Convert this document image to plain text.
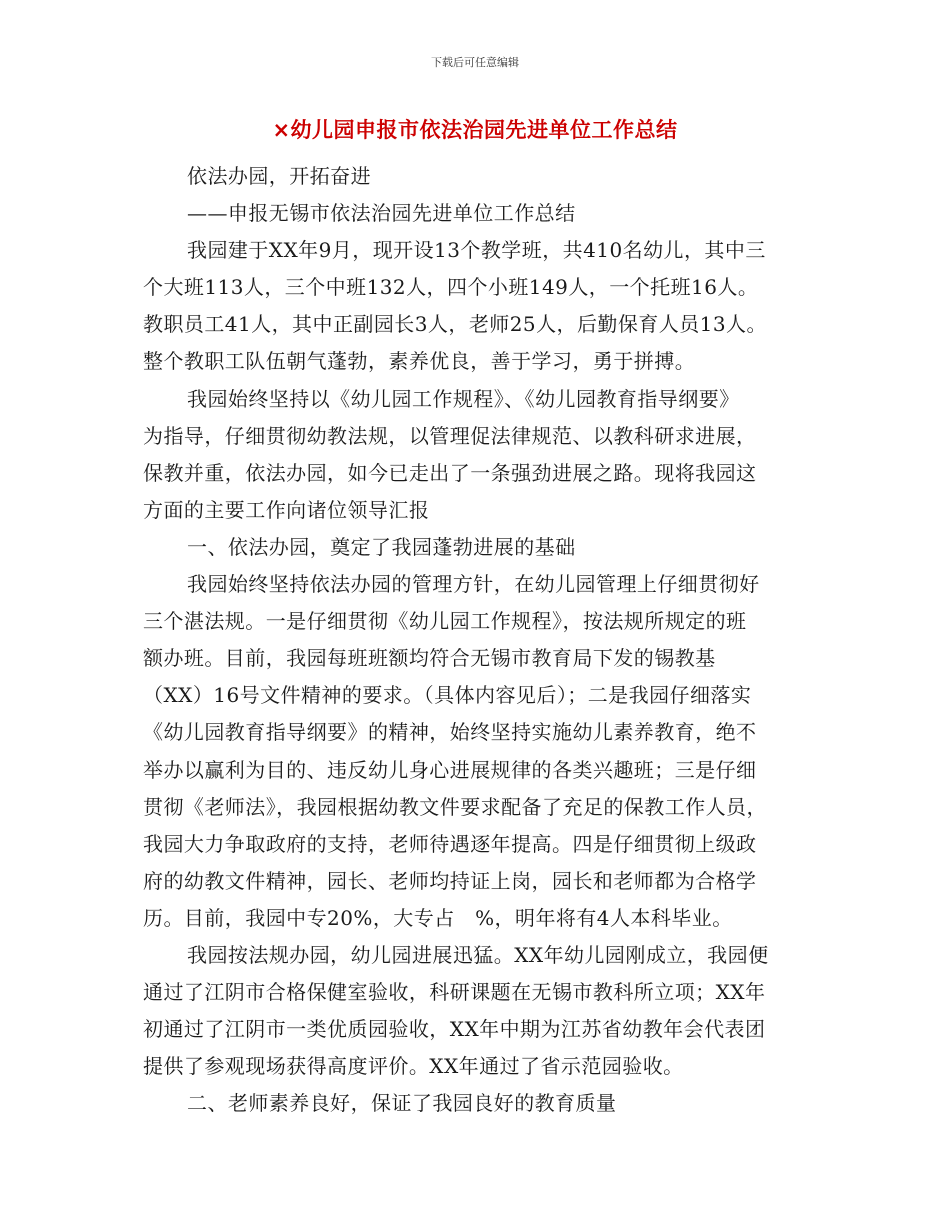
下载后可任意编辑
×幼儿园申报市依法治园先进单位工作总结
依法办园，开拓奋进
——申报无锡市依法治园先进单位工作总结
我园建于XX年9月，现开设13个教学班，共410名幼儿，其中三
个大班113人，三个中班132人，四个小班149人，一个托班16人。
教职员工41人，其中正副园长3人，老师25人，后勤保育人员13人。
整个教职工队伍朝气蓬勃，素养优良，善于学习，勇于拼搏。
我园始终坚持以《幼儿园工作规程》、《幼儿园教育指导纲要》
为指导，仔细贯彻幼教法规，以管理促法律规范、以教科研求进展，
保教并重，依法办园，如今已走出了一条强劲进展之路。现将我园这
方面的主要工作向诸位领导汇报
一、依法办园，奠定了我园蓬勃进展的基础
我园始终坚持依法办园的管理方针，在幼儿园管理上仔细贯彻好
三个湛法规。一是仔细贯彻《幼儿园工作规程》，按法规所规定的班
额办班。目前，我园每班班额均符合无锡市教育局下发的锡教基
（XX）16号文件精神的要求。（具体内容见后）；二是我园仔细落实
《幼儿园教育指导纲要》的精神，始终坚持实施幼儿素养教育，绝不
举办以赢利为目的、违反幼儿身心进展规律的各类兴趣班；三是仔细
贯彻《老师法》，我园根据幼教文件要求配备了充足的保教工作人员，
我园大力争取政府的支持，老师待遇逐年提高。四是仔细贯彻上级政
府的幼教文件精神，园长、老师均持证上岗，园长和老师都为合格学
历。目前，我园中专20%，大专占　%，明年将有4人本科毕业。
我园按法规办园，幼儿园进展迅猛。XX年幼儿园刚成立，我园便
通过了江阴市合格保健室验收，科研课题在无锡市教科所立项；XX年
初通过了江阴市一类优质园验收，XX年中期为江苏省幼教年会代表团
提供了参观现场获得高度评价。XX年通过了省示范园验收。
二、老师素养良好，保证了我园良好的教育质量
